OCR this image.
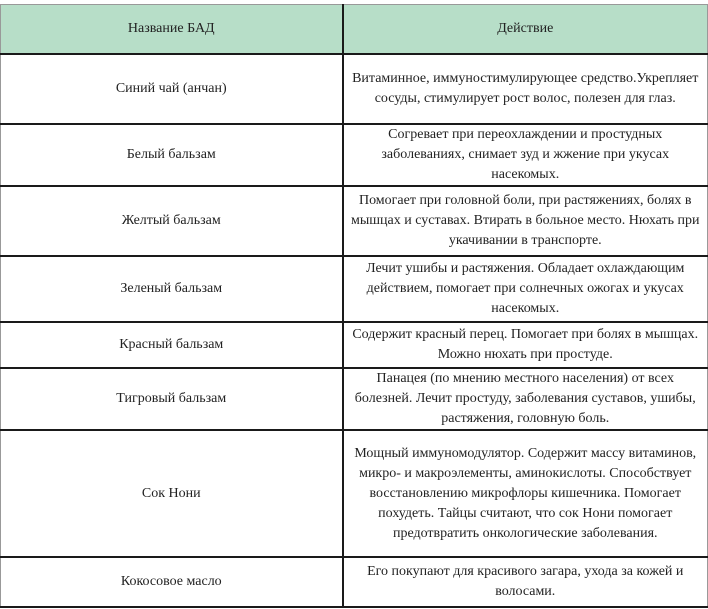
Название БАД	Действие
Синий чай (анчан)	Витаминное, иммуностимулирующее средство.Укрепляет сосуды, стимулирует рост волос, полезен для глаз.
Белый бальзам	Согревает при переохлаждении и простудных заболеваниях, снимает зуд и жжение при укусах насекомых.
Желтый бальзам	Помогает при головной боли, при растяжениях, болях в мышцах и суставах. Втирать в больное место. Нюхать при укачивании в транспорте.
Зеленый бальзам	Лечит ушибы и растяжения. Обладает охлаждающим действием, помогает при солнечных ожогах и укусах насекомых.
Красный бальзам	Содержит красный перец. Помогает при болях в мышцах. Можно нюхать при простуде.
Тигровый бальзам	Панацея (по мнению местного населения) от всех болезней. Лечит простуду, заболевания суставов, ушибы, растяжения, головную боль.
Сок Нони	Мощный иммуномодулятор. Содержит массу витаминов, микро- и макроэлементы, аминокислоты. Способствует восстановлению микрофлоры кишечника. Помогает похудеть. Тайцы считают, что сок Нони помогает предотвратить онкологические заболевания.
Кокосовое масло	Его покупают для красивого загара, ухода за кожей и волосами.
